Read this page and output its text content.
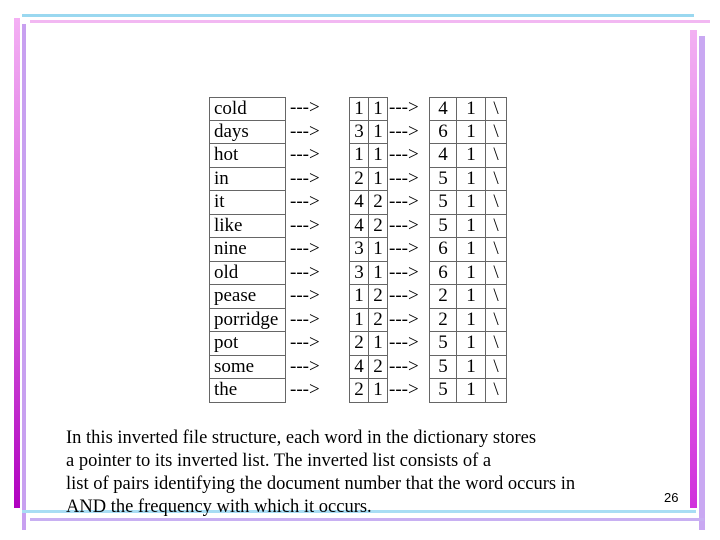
cold	---> 1 1 --->	4 1 \
days	---> 3 1 --->	6 1 \
hot	---> 1 1 --->	4 1 \
in	---> 2 1 --->	5 1 \
it	---> 4 2 --->	5 1 \
like	---> 4 2 --->	5 1 \
nine	---> 3 1 --->	6 1 \
old	---> 3 1 --->	6 1 \
pease	---> 1 2 --->	2 1 \
porridge ---> 1 2 --->	2 1 \
pot	---> 2 1 --->	5 1 \
some	---> 4 2 --->	5 1 \
the	---> 2 1 --->	5 1 \

In this inverted file structure, each word in the dictionary stores
a pointer to its inverted list. The inverted list consists of a
list of pairs identifying the document number that the word occurs in
AND the frequency with which it occurs.	26
